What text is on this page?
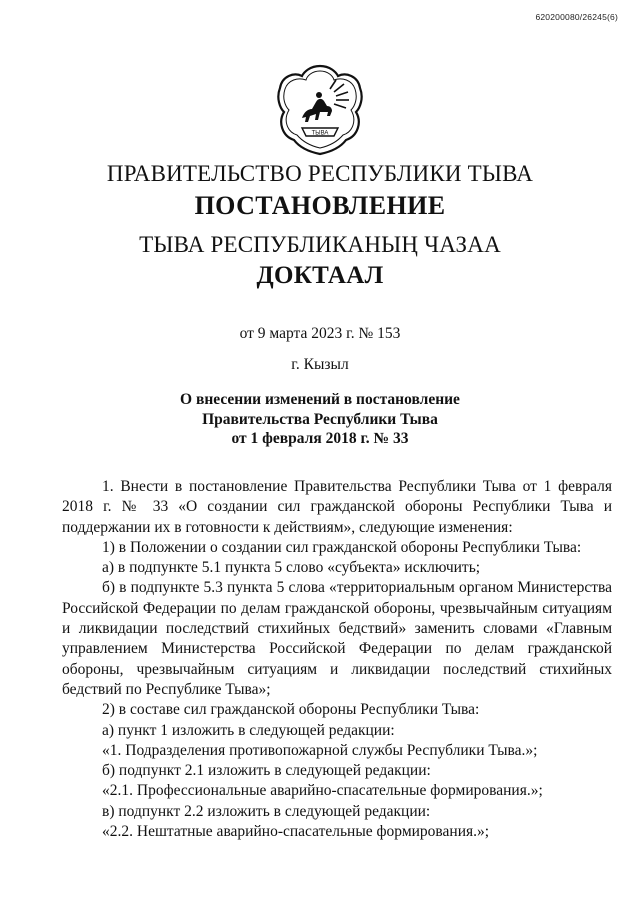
620200080/26245(6)
ТЫВА
ПРАВИТЕЛЬСТВО РЕСПУБЛИКИ ТЫВА
ПОСТАНОВЛЕНИЕ
ТЫВА РЕСПУБЛИКАНЫҢ ЧАЗАА
ДОКТААЛ
от 9 марта 2023 г. № 153
г. Кызыл
О внесении изменений в постановление
Правительства Республики Тыва
от 1 февраля 2018 г. № 33

1. Внести в постановление Правительства Республики Тыва от 1 февраля 2018 г. № 33 «О создании сил гражданской обороны Республики Тыва и поддержании их в готовности к действиям», следующие изменения:

1) в Положении о создании сил гражданской обороны Республики Тыва:

а) в подпункте 5.1 пункта 5 слово «субъекта» исключить;

б) в подпункте 5.3 пункта 5 слова «территориальным органом Министерства Российской Федерации по делам гражданской обороны, чрезвычайным ситуациям и ликвидации последствий стихийных бедствий» заменить словами «Главным управлением Министерства Российской Федерации по делам гражданской обороны, чрезвычайным ситуациям и ликвидации последствий стихийных бедствий по Республике Тыва»;

2) в составе сил гражданской обороны Республики Тыва:

а) пункт 1 изложить в следующей редакции:

«1. Подразделения противопожарной службы Республики Тыва.»;

б) подпункт 2.1 изложить в следующей редакции:

«2.1. Профессиональные аварийно-спасательные формирования.»;

в) подпункт 2.2 изложить в следующей редакции:

«2.2. Нештатные аварийно-спасательные формирования.»;
